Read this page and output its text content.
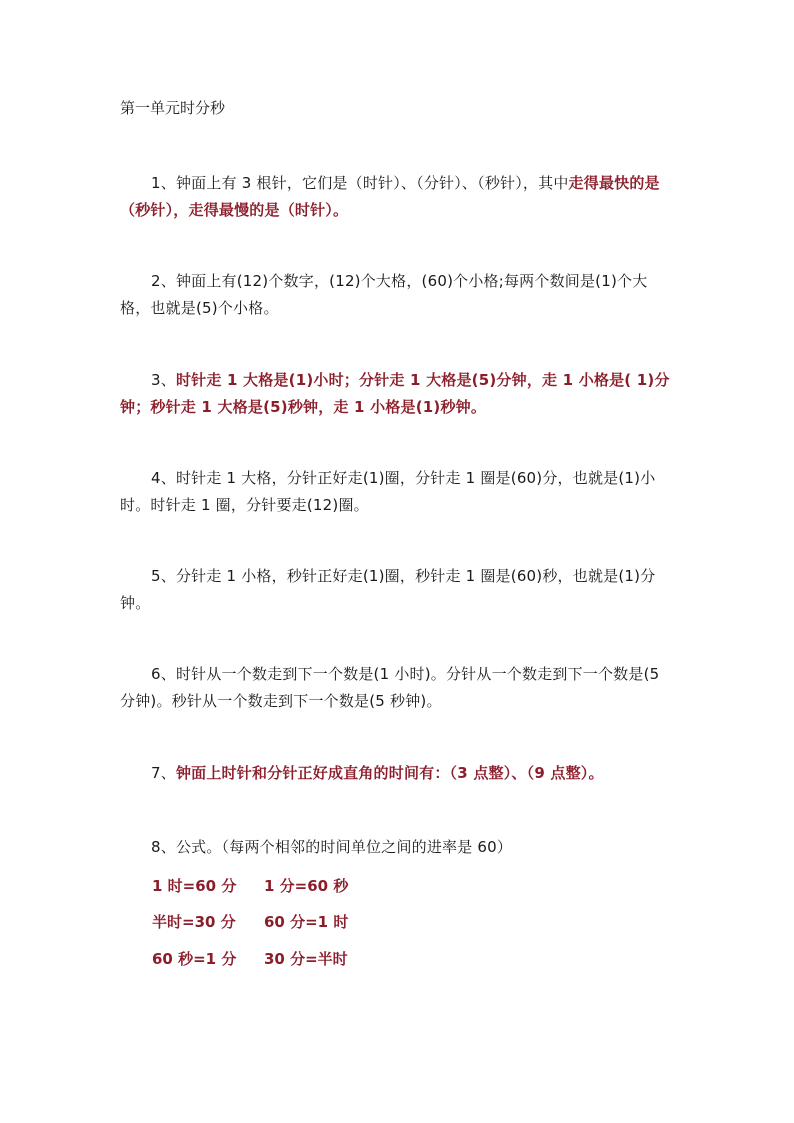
第一单元时分秒

1、钟面上有 3 根针，它们是（时针）、（分针）、（秒针），其中走得最快的是（秒针），走得最慢的是（时针）。

2、钟面上有(12)个数字，(12)个大格，(60)个小格;每两个数间是(1)个大格，也就是(5)个小格。

3、时针走 1 大格是(1)小时；分针走 1 大格是(5)分钟，走 1 小格是( 1)分钟；秒针走 1 大格是(5)秒钟，走 1 小格是(1)秒钟。

4、时针走 1 大格，分针正好走(1)圈，分针走 1 圈是(60)分，也就是(1)小时。时针走 1 圈，分针要走(12)圈。

5、分针走 1 小格，秒针正好走(1)圈，秒针走 1 圈是(60)秒，也就是(1)分钟。

6、时针从一个数走到下一个数是(1 小时)。分针从一个数走到下一个数是(5 分钟)。秒针从一个数走到下一个数是(5 秒钟)。

7、钟面上时针和分针正好成直角的时间有：（3 点整）、（9 点整）。

8、公式。（每两个相邻的时间单位之间的进率是 60）

1 时=60 分 1 分=60 秒
半时=30 分 60 分=1 时
60 秒=1 分 30 分=半时
